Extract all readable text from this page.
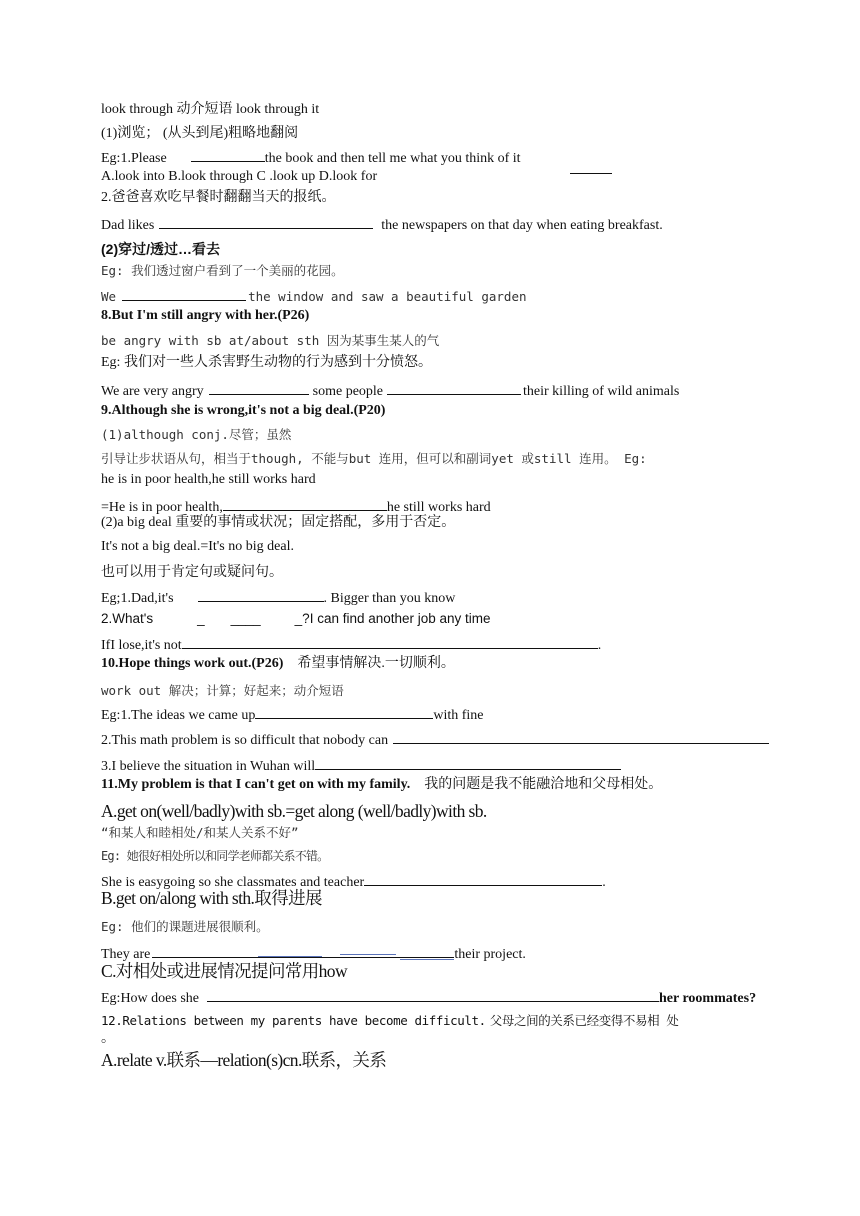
look through 动介短语 look through it
(1)浏览； (从头到尾)粗略地翻阅
Eg:1.Please	the book and then tell me what you think of it
A.look into B.look through C .look up D.look for
2.爸爸喜欢吃早餐时翻翻当天的报纸。
Dad likes	the newspapers on that day when eating breakfast.
(2)穿过/透过…看去
Eg: 我们透过窗户看到了一个美丽的花园。
We	the window and saw a beautiful garden
8.But I'm still angry with her.(P26)
be angry with sb at/about sth 因为某事生某人的气
Eg: 我们对一些人杀害野生动物的行为感到十分愤怒。
We are very angry	some people	their killing of wild animals
9.Although she is wrong,it's not a big deal.(P20)
(1)although conj.尽管；虽然
引导让步状语从句，相当于though, 不能与but 连用，但可以和副词yet 或still 连用。 Eg:
he is in poor health,he still works hard
=He is in poor health,	he still works hard
(2)a big deal 重要的事情或状况；固定搭配，多用于否定。
It's not a big deal.=It's no big deal.
也可以用于肯定句或疑问句。
Eg;1.Dad,it's	. Bigger than you know
2.What's	_ ____	_?I can find another job any time
IfI lose,it's not	.
10.Hope things work out.(P26) 希望事情解决.一切顺利。
work out 解决；计算；好起来；动介短语
Eg:1.The ideas we came up	with fine
2.This math problem is so difficult that nobody can
3.I believe the situation in Wuhan will
11.My problem is that I can't get on with my family. 我的问题是我不能融洽地和父母相处。
A.get on(well/badly)with sb.=get along (well/badly)with sb.
“和某人和睦相处/和某人关系不好”
Eg: 她很好相处所以和同学老师都关系不错。
She is easygoing so she classmates and teacher	.
B.get on/along with sth.取得进展
Eg: 他们的课题进展很顺利。
They are	their project.
C.对相处或进展情况提问常用how
Eg:How does she	her roommates?
12.Relations between my parents have become difficult. 父母之间的关系已经变得不易相 处
。
A.relate v.联系—relation(s)cn.联系，关系
